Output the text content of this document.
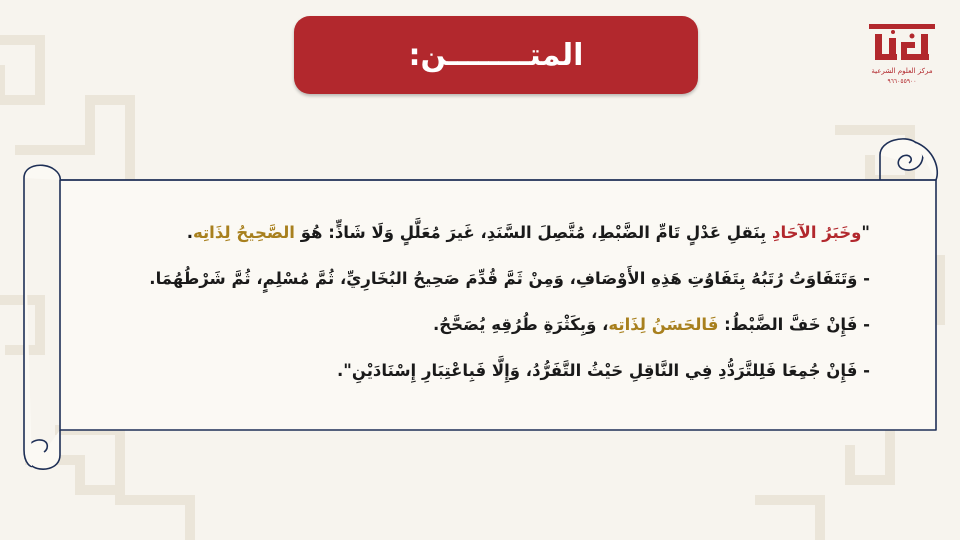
المتــــــــن:	مركز العلوم الشرعية
٩٦٦٠٥٥٩٠٠
"وخَبَرُ الآحَادِ بِنَقلِ عَدْلٍ تَامِّ الضَّبْطِ، مُتَّصِلَ السَّنَدِ، غَيرَ مُعَلَّلٍ وَلَا شَاذٍّ: هُوَ الصَّحِيحُ لِذَاتِه.
- وَتَتَفَاوَتُ رُتَبُهُ بِتَفَاوُتِ هَذِهِ الأَوْصَافِ، وَمِنْ ثَمَّ قُدِّمَ صَحِيحُ البُخَارِيِّ، ثُمَّ مُسْلِمٍ، ثُمَّ شَرْطُهُمَا.
- فَإِنْ خَفَّ الضَّبْطُ: فَالحَسَنُ لِذَاتِه، وَبِكَثْرَةِ طُرُقِهِ يُصَحَّحُ.
- فَإِنْ جُمِعَا فَلِلتَّرَدُّدِ فِي النَّاقِلِ حَيْثُ التَّفَرُّدُ، وَإِلَّا فَبِاعْتِبَارِ إِسْنَادَيْنِ".
